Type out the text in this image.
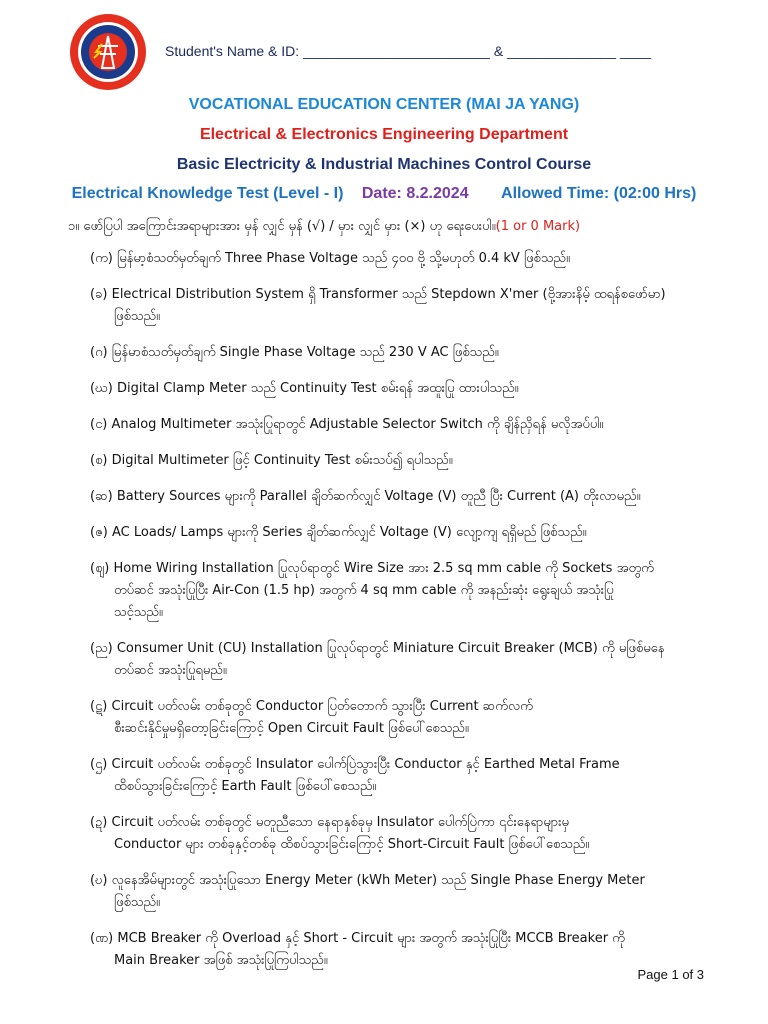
Student's Name & ID: ________________________ & ______________ ____
VOCATIONAL EDUCATION CENTER (MAI JA YANG)
Electrical & Electronics Engineering Department
Basic Electricity & Industrial Machines Control Course
Electrical Knowledge Test (Level - I) Date: 8.2.2024 Allowed Time: (02:00 Hrs)
၁။ ဖော်ပြပါ အကြောင်းအရာများအား မှန် လျှင် မှန် (√) / မှား လျှင် မှား (×) ဟု ရေးပေးပါ။(1 or 0 Mark)
(က) မြန်မာ့စံသတ်မှတ်ချက် Three Phase Voltage သည် ၄၀၀ ဗို့ သို့မဟုတ် 0.4 kV ဖြစ်သည်။
(ခ) Electrical Distribution System ရှိ Transformer သည် Stepdown X'mer (ဗို့အားနိမ့် ထရန်စဖော်မာ)
ဖြစ်သည်။
(ဂ) မြန်မာစံသတ်မှတ်ချက် Single Phase Voltage သည် 230 V AC ဖြစ်သည်။
(ဃ) Digital Clamp Meter သည် Continuity Test စမ်းရန် အထူးပြု ထားပါသည်။
(င) Analog Multimeter အသုံးပြုရာတွင် Adjustable Selector Switch ကို ချိန်ညှိရန် မလိုအပ်ပါ။
(စ) Digital Multimeter ဖြင့် Continuity Test စမ်းသပ်၍ ရပါသည်။
(ဆ) Battery Sources များကို Parallel ချိတ်ဆက်လျှင် Voltage (V) တူညီ ပြီး Current (A) တိုးလာမည်။
(ဇ) AC Loads/ Lamps များကို Series ချိတ်ဆက်လျှင် Voltage (V) လျော့ကျ ရရှိမည် ဖြစ်သည်။
(ဈ) Home Wiring Installation ပြုလုပ်ရာတွင် Wire Size အား 2.5 sq mm cable ကို Sockets အတွက်
တပ်ဆင် အသုံးပြုပြီး Air-Con (1.5 hp) အတွက် 4 sq mm cable ကို အနည်းဆုံး ရွေးချယ် အသုံးပြု
သင့်သည်။
(ည) Consumer Unit (CU) Installation ပြုလုပ်ရာတွင် Miniature Circuit Breaker (MCB) ကို မဖြစ်မနေ
တပ်ဆင် အသုံးပြုရမည်။
(ဋ) Circuit ပတ်လမ်း တစ်ခုတွင် Conductor ပြတ်တောက် သွားပြီး Current ဆက်လက်
စီးဆင်းနိုင်မှုမရှိတော့ခြင်းကြောင့် Open Circuit Fault ဖြစ်ပေါ်စေသည်။
(ဌ) Circuit ပတ်လမ်း တစ်ခုတွင် Insulator ပေါက်ပြဲသွားပြီး Conductor နှင့် Earthed Metal Frame
ထိစပ်သွားခြင်းကြောင့် Earth Fault ဖြစ်ပေါ်စေသည်။
(ဍ) Circuit ပတ်လမ်း တစ်ခုတွင် မတူညီသော နေရာနှစ်ခုမှ Insulator ပေါက်ပြဲကာ ၎င်းနေရာများမှ
Conductor များ တစ်ခုနှင့်တစ်ခု ထိစပ်သွားခြင်းကြောင့် Short-Circuit Fault ဖြစ်ပေါ်စေသည်။
(ဎ) လူနေအိမ်များတွင် အသုံးပြုသော Energy Meter (kWh Meter) သည် Single Phase Energy Meter
ဖြစ်သည်။
(ဏ) MCB Breaker ကို Overload နှင့် Short - Circuit များ အတွက် အသုံးပြုပြီး MCCB Breaker ကို
Main Breaker အဖြစ် အသုံးပြုကြပါသည်။
Page 1 of 3
